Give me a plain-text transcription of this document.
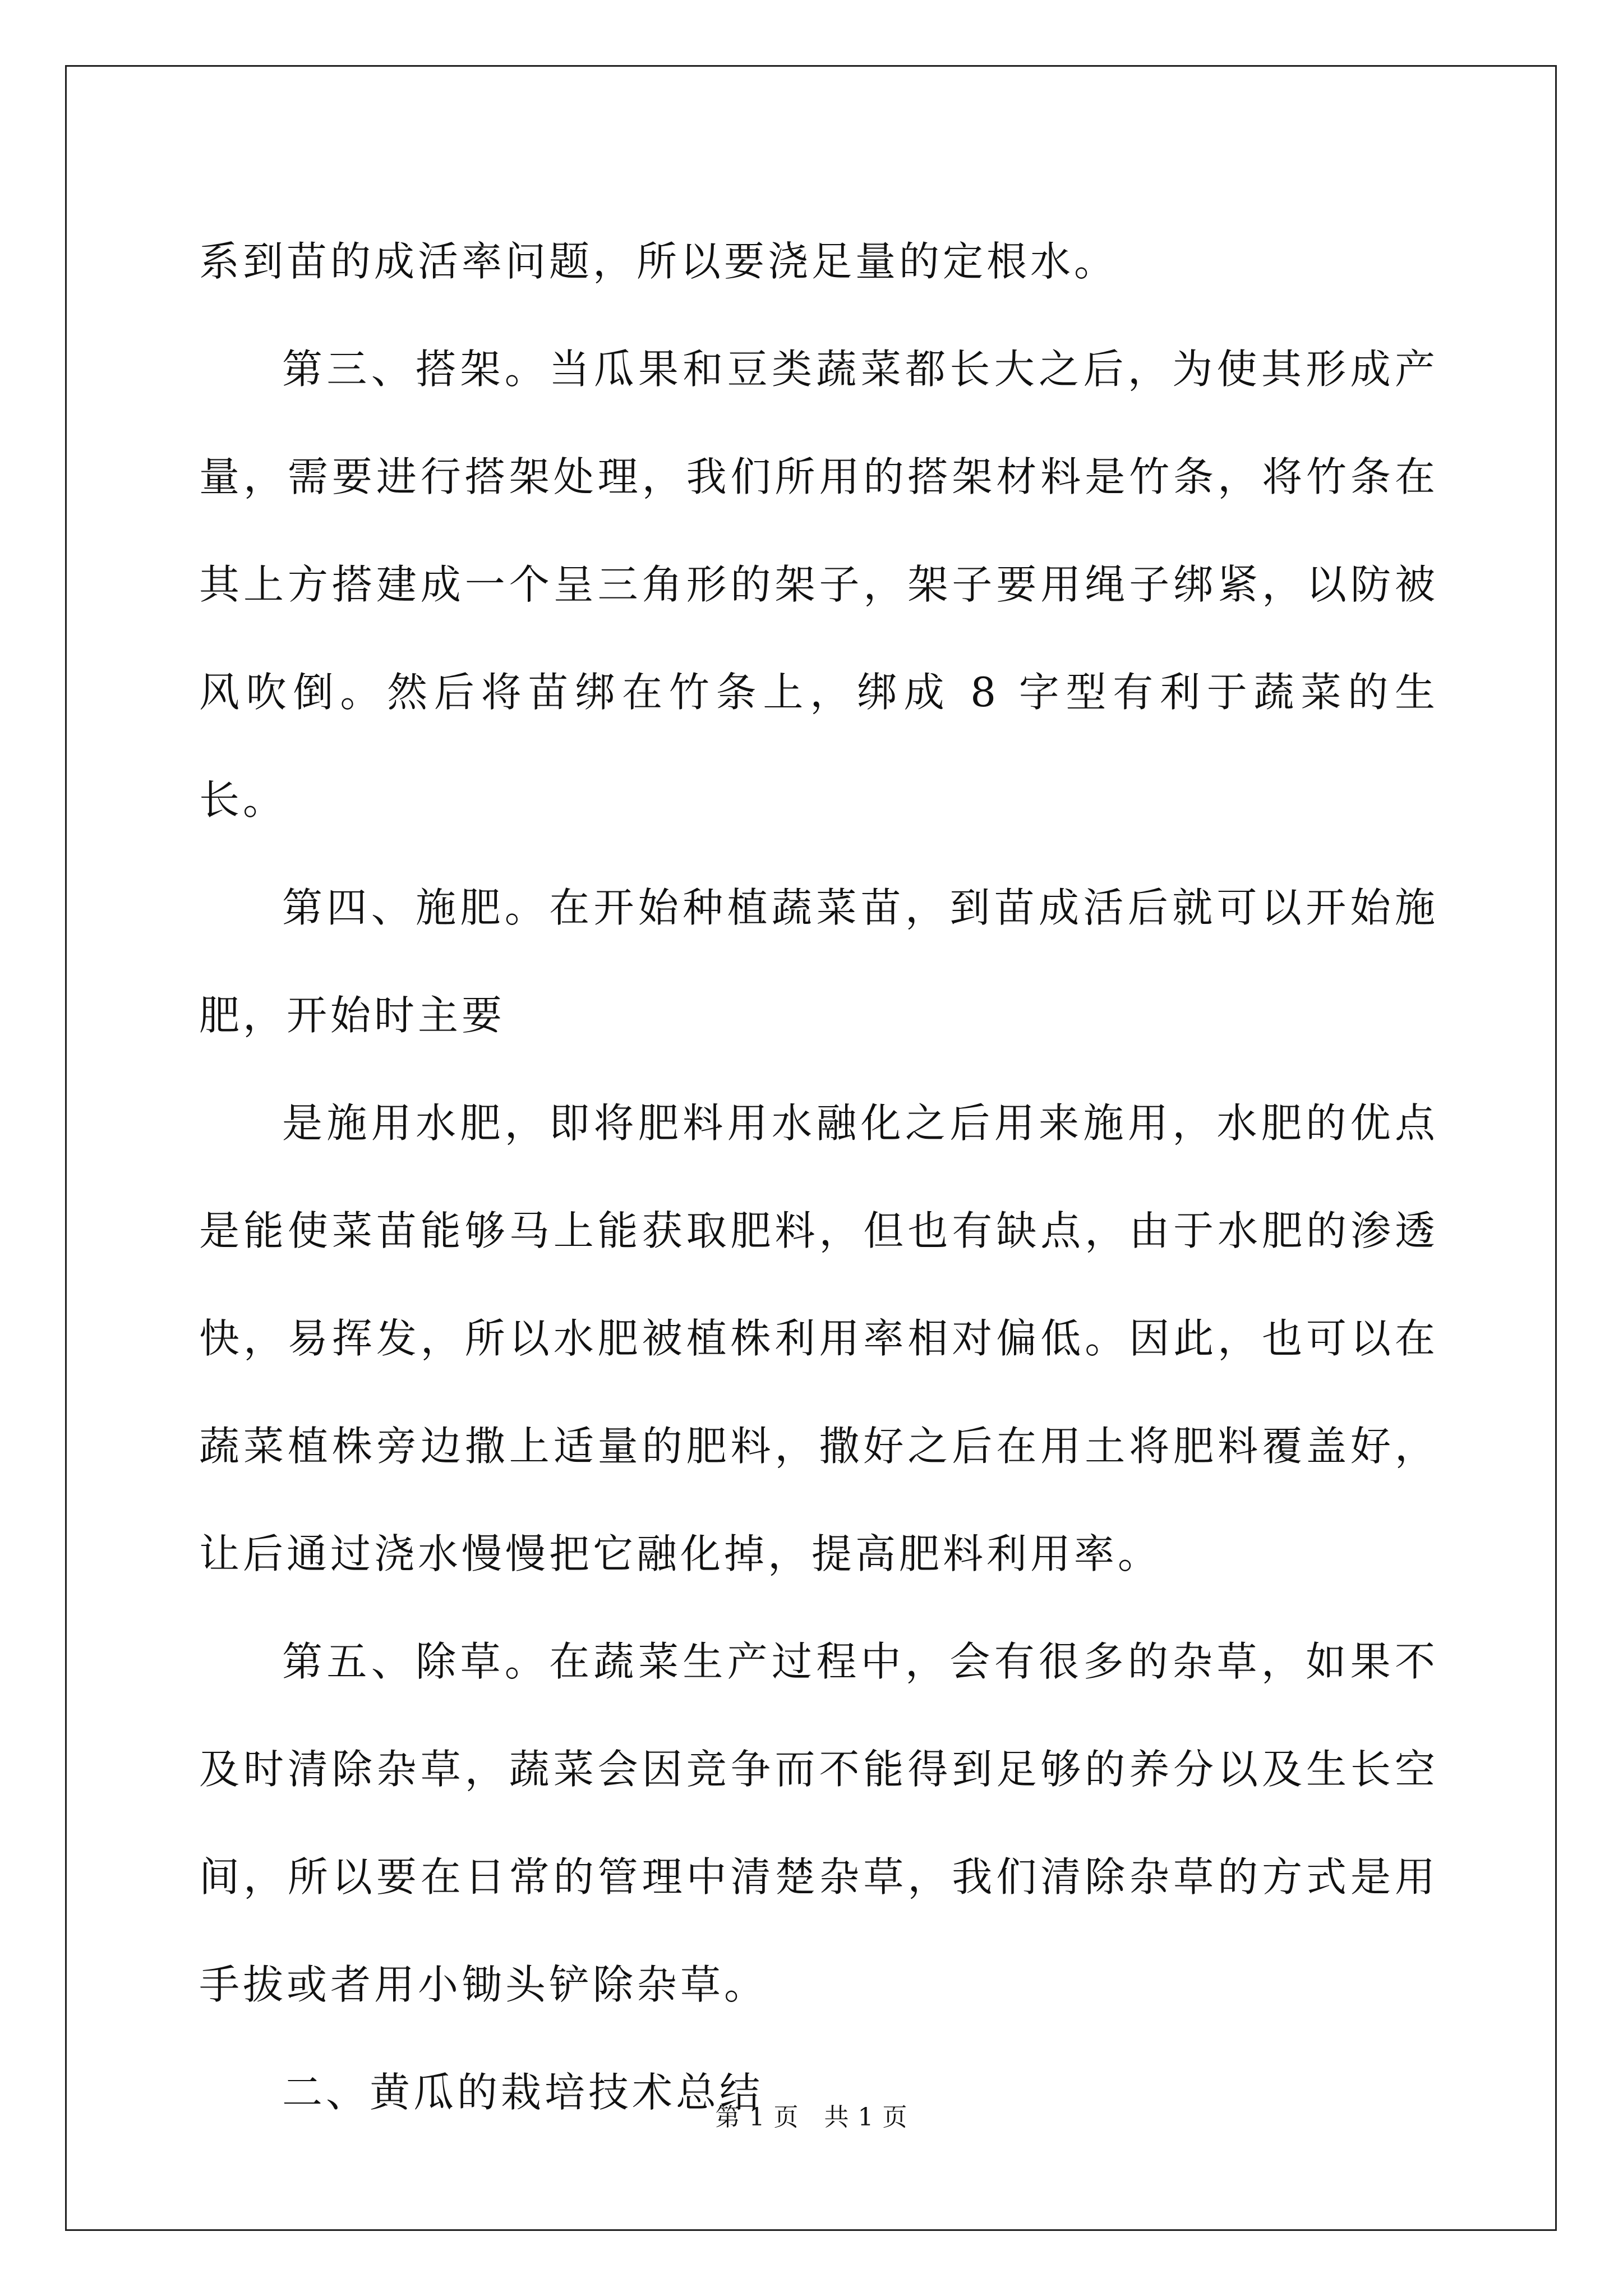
系到苗的成活率问题，所以要浇足量的定根水。

第三、搭架。当瓜果和豆类蔬菜都长大之后，为使其形成产量，需要进行搭架处理，我们所用的搭架材料是竹条，将竹条在其上方搭建成一个呈三角形的架子，架子要用绳子绑紧，以防被风吹倒。然后将苗绑在竹条上，绑成 8 字型有利于蔬菜的生长。

第四、施肥。在开始种植蔬菜苗，到苗成活后就可以开始施肥，开始时主要

是施用水肥，即将肥料用水融化之后用来施用，水肥的优点是能使菜苗能够马上能获取肥料，但也有缺点，由于水肥的渗透快，易挥发，所以水肥被植株利用率相对偏低。因此，也可以在蔬菜植株旁边撒上适量的肥料，撒好之后在用土将肥料覆盖好，让后通过浇水慢慢把它融化掉，提高肥料利用率。

第五、除草。在蔬菜生产过程中，会有很多的杂草，如果不及时清除杂草，蔬菜会因竞争而不能得到足够的养分以及生长空间，所以要在日常的管理中清楚杂草，我们清除杂草的方式是用手拔或者用小锄头铲除杂草。

二、黄瓜的栽培技术总结

第 1 页   共 1 页
